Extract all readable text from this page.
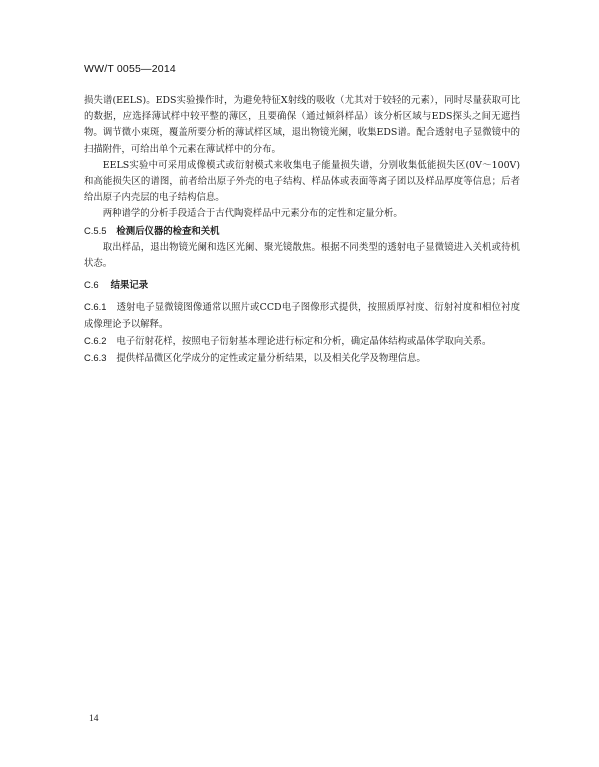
WW/T 0055—2014

损失谱(EELS)。EDS实验操作时，为避免特征X射线的吸收（尤其对于较轻的元素），同时尽量获取可比的数据，应选择薄试样中较平整的薄区，且要确保（通过倾斜样品）该分析区域与EDS探头之间无遮挡物。调节微小束斑，覆盖所要分析的薄试样区域，退出物镜光阑，收集EDS谱。配合透射电子显微镜中的扫描附件，可给出单个元素在薄试样中的分布。

EELS实验中可采用成像模式或衍射模式来收集电子能量损失谱，分别收集低能损失区(0V～100V)和高能损失区的谱图，前者给出原子外壳的电子结构、样品体或表面等离子团以及样品厚度等信息；后者给出原子内壳层的电子结构信息。

两种谱学的分析手段适合于古代陶瓷样品中元素分布的定性和定量分析。

C.5.5 检测后仪器的检查和关机

取出样品，退出物镜光阑和选区光阑、聚光镜散焦。根据不同类型的透射电子显微镜进入关机或待机状态。

C.6 结果记录

C.6.1 透射电子显微镜图像通常以照片或CCD电子图像形式提供，按照质厚衬度、衍射衬度和相位衬度成像理论予以解释。

C.6.2 电子衍射花样，按照电子衍射基本理论进行标定和分析，确定晶体结构或晶体学取向关系。

C.6.3 提供样品微区化学成分的定性或定量分析结果，以及相关化学及物理信息。

14
